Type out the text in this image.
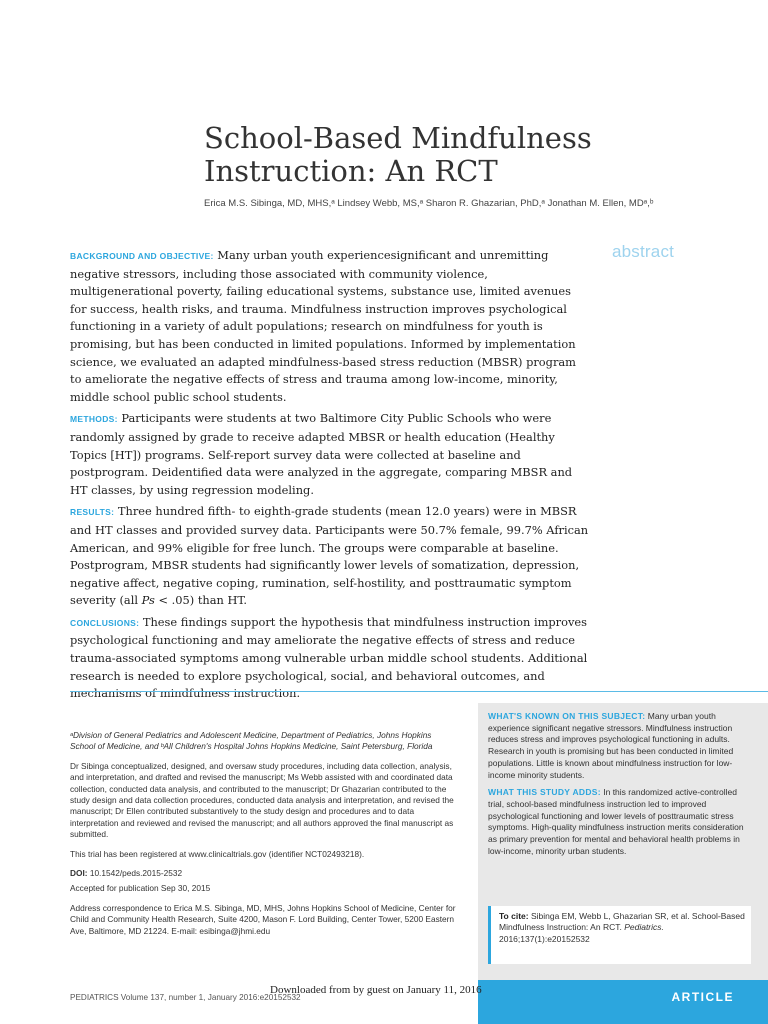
School-Based Mindfulness
Instruction: An RCT
Erica M.S. Sibinga, MD, MHS,ᵃ Lindsey Webb, MS,ᵃ Sharon R. Ghazarian, PhD,ᵃ Jonathan M. Ellen, MDᵃ,ᵇ
abstract

BACKGROUND AND OBJECTIVE: Many urban youth experiencesignificant and unremitting negative stressors, including those associated with community violence, multigenerational poverty, failing educational systems, substance use, limited avenues for success, health risks, and trauma. Mindfulness instruction improves psychological functioning in a variety of adult populations; research on mindfulness for youth is promising, but has been conducted in limited populations. Informed by implementation science, we evaluated an adapted mindfulness-based stress reduction (MBSR) program to ameliorate the negative effects of stress and trauma among low-income, minority, middle school public school students.

METHODS: Participants were students at two Baltimore City Public Schools who were randomly assigned by grade to receive adapted MBSR or health education (Healthy Topics [HT]) programs. Self-report survey data were collected at baseline and postprogram. Deidentified data were analyzed in the aggregate, comparing MBSR and HT classes, by using regression modeling.

RESULTS: Three hundred fifth- to eighth-grade students (mean 12.0 years) were in MBSR and HT classes and provided survey data. Participants were 50.7% female, 99.7% African American, and 99% eligible for free lunch. The groups were comparable at baseline. Postprogram, MBSR students had significantly lower levels of somatization, depression, negative affect, negative coping, rumination, self-hostility, and posttraumatic symptom severity (all Ps < .05) than HT.

CONCLUSIONS: These findings support the hypothesis that mindfulness instruction improves psychological functioning and may ameliorate the negative effects of stress and reduce trauma-associated symptoms among vulnerable urban middle school students. Additional research is needed to explore psychological, social, and behavioral outcomes, and mechanisms of mindfulness instruction.

ᵃDivision of General Pediatrics and Adolescent Medicine, Department of Pediatrics, Johns Hopkins School of Medicine, and ᵇAll Children's Hospital Johns Hopkins Medicine, Saint Petersburg, Florida

Dr Sibinga conceptualized, designed, and oversaw study procedures, including data collection, analysis, and interpretation, and drafted and revised the manuscript; Ms Webb assisted with and coordinated data collection, conducted data analysis, and contributed to the manuscript; Dr Ghazarian contributed to the study design and data collection procedures, conducted data analysis and interpretation, and revised the manuscript; Dr Ellen contributed substantively to the study design and procedures and to data interpretation and reviewed and revised the manuscript; and all authors approved the final manuscript as submitted.

This trial has been registered at www.clinicaltrials.gov (identifier NCT02493218).

DOI: 10.1542/peds.2015-2532

Accepted for publication Sep 30, 2015

Address correspondence to Erica M.S. Sibinga, MD, MHS, Johns Hopkins School of Medicine, Center for Child and Community Health Research, Suite 4200, Mason F. Lord Building, Center Tower, 5200 Eastern Ave, Baltimore, MD 21224. E-mail: esibinga@jhmi.edu

WHAT'S KNOWN ON THIS SUBJECT: Many urban youth experience significant negative stressors. Mindfulness instruction reduces stress and improves psychological functioning in adults. Research in youth is promising but has been conducted in limited populations. Little is known about mindfulness instruction for low-income minority students.

WHAT THIS STUDY ADDS: In this randomized active-controlled trial, school-based mindfulness instruction led to improved psychological functioning and lower levels of posttraumatic stress symptoms. High-quality mindfulness instruction merits consideration as primary prevention for mental and behavioral health problems in low-income, minority urban students.

To cite: Sibinga EM, Webb L, Ghazarian SR, et al. School-Based Mindfulness Instruction: An RCT. Pediatrics. 2016;137(1):e20152532
ARTICLE
PEDIATRICS Volume 137, number 1, January 2016:e20152532
Downloaded from by guest on January 11, 2016
